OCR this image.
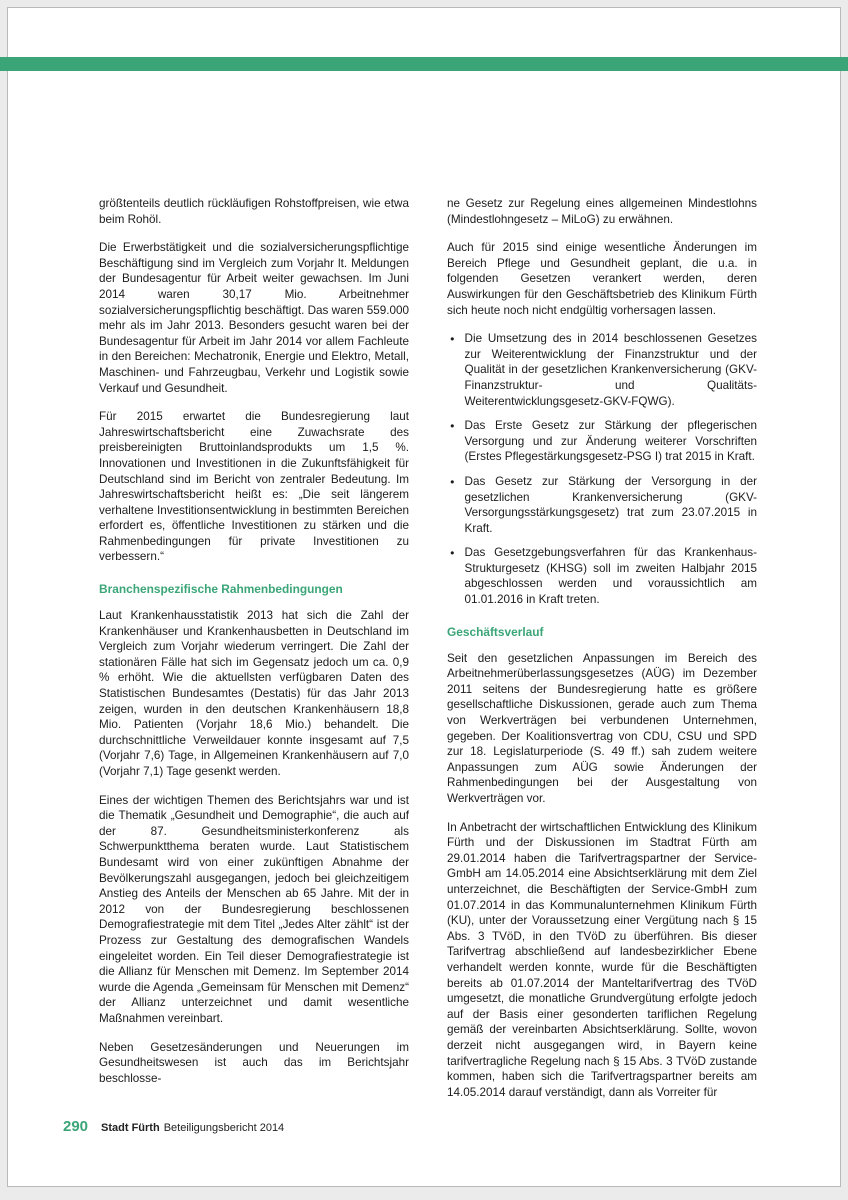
größtenteils deutlich rückläufigen Rohstoffpreisen, wie etwa beim Rohöl.

Die Erwerbstätigkeit und die sozialversicherungspflichtige Beschäftigung sind im Vergleich zum Vorjahr lt. Meldungen der Bundesagentur für Arbeit weiter gewachsen. Im Juni 2014 waren 30,17 Mio. Arbeitnehmer sozialversicherungspflichtig beschäftigt. Das waren 559.000 mehr als im Jahr 2013. Besonders gesucht waren bei der Bundesagentur für Arbeit im Jahr 2014 vor allem Fachleute in den Bereichen: Mechatronik, Energie und Elektro, Metall, Maschinen- und Fahrzeugbau, Verkehr und Logistik sowie Verkauf und Gesundheit.

Für 2015 erwartet die Bundesregierung laut Jahreswirtschaftsbericht eine Zuwachsrate des preisbereinigten Bruttoinlandsprodukts um 1,5 %. Innovationen und Investitionen in die Zukunftsfähigkeit für Deutschland sind im Bericht von zentraler Bedeutung. Im Jahreswirtschaftsbericht heißt es: „Die seit längerem verhaltene Investitionsentwicklung in bestimmten Bereichen erfordert es, öffentliche Investitionen zu stärken und die Rahmenbedingungen für private Investitionen zu verbessern.“

Branchenspezifische Rahmenbedingungen

Laut Krankenhausstatistik 2013 hat sich die Zahl der Krankenhäuser und Krankenhausbetten in Deutschland im Vergleich zum Vorjahr wiederum verringert. Die Zahl der stationären Fälle hat sich im Gegensatz jedoch um ca. 0,9 % erhöht. Wie die aktuellsten verfügbaren Daten des Statistischen Bundesamtes (Destatis) für das Jahr 2013 zeigen, wurden in den deutschen Krankenhäusern 18,8 Mio. Patienten (Vorjahr 18,6 Mio.) behandelt. Die durchschnittliche Verweildauer konnte insgesamt auf 7,5 (Vorjahr 7,6) Tage, in Allgemeinen Krankenhäusern auf 7,0 (Vorjahr 7,1) Tage gesenkt werden.

Eines der wichtigen Themen des Berichtsjahrs war und ist die Thematik „Gesundheit und Demographie“, die auch auf der 87. Gesundheitsministerkonferenz als Schwerpunktthema beraten wurde. Laut Statistischem Bundesamt wird von einer zukünftigen Abnahme der Bevölkerungszahl ausgegangen, jedoch bei gleichzeitigem Anstieg des Anteils der Menschen ab 65 Jahre. Mit der in 2012 von der Bundesregierung beschlossenen Demografiestrategie mit dem Titel „Jedes Alter zählt“ ist der Prozess zur Gestaltung des demografischen Wandels eingeleitet worden. Ein Teil dieser Demografiestrategie ist die Allianz für Menschen mit Demenz. Im September 2014 wurde die Agenda „Gemeinsam für Menschen mit Demenz“ der Allianz unterzeichnet und damit wesentliche Maßnahmen vereinbart.

Neben Gesetzesänderungen und Neuerungen im Gesundheitswesen ist auch das im Berichtsjahr beschlosse-

ne Gesetz zur Regelung eines allgemeinen Mindestlohns (Mindestlohngesetz – MiLoG) zu erwähnen.

Auch für 2015 sind einige wesentliche Änderungen im Bereich Pflege und Gesundheit geplant, die u.a. in folgenden Gesetzen verankert werden, deren Auswirkungen für den Geschäftsbetrieb des Klinikum Fürth sich heute noch nicht endgültig vorhersagen lassen.

● Die Umsetzung des in 2014 beschlossenen Gesetzes zur Weiterentwicklung der Finanzstruktur und der Qualität in der gesetzlichen Krankenversicherung (GKV-Finanzstruktur- und Qualitäts-Weiterentwicklungsgesetz-GKV-FQWG).
● Das Erste Gesetz zur Stärkung der pflegerischen Versorgung und zur Änderung weiterer Vorschriften (Erstes Pflegestärkungsgesetz-PSG I) trat 2015 in Kraft.
● Das Gesetz zur Stärkung der Versorgung in der gesetzlichen Krankenversicherung (GKV-Versorgungsstärkungsgesetz) trat zum 23.07.2015 in Kraft.
● Das Gesetzgebungsverfahren für das Krankenhaus-Strukturgesetz (KHSG) soll im zweiten Halbjahr 2015 abgeschlossen werden und voraussichtlich am 01.01.2016 in Kraft treten.
Geschäftsverlauf

Seit den gesetzlichen Anpassungen im Bereich des Arbeitnehmerüberlassungsgesetzes (AÜG) im Dezember 2011 seitens der Bundesregierung hatte es größere gesellschaftliche Diskussionen, gerade auch zum Thema von Werkverträgen bei verbundenen Unternehmen, gegeben. Der Koalitionsvertrag von CDU, CSU und SPD zur 18. Legislaturperiode (S. 49 ff.) sah zudem weitere Anpassungen zum AÜG sowie Änderungen der Rahmenbedingungen bei der Ausgestaltung von Werkverträgen vor.

In Anbetracht der wirtschaftlichen Entwicklung des Klinikum Fürth und der Diskussionen im Stadtrat Fürth am 29.01.2014 haben die Tarifvertragspartner der Service-GmbH am 14.05.2014 eine Absichtserklärung mit dem Ziel unterzeichnet, die Beschäftigten der Service-GmbH zum 01.07.2014 in das Kommunalunternehmen Klinikum Fürth (KU), unter der Voraussetzung einer Vergütung nach § 15 Abs. 3 TVöD, in den TVöD zu überführen. Bis dieser Tarifvertrag abschließend auf landesbezirklicher Ebene verhandelt werden konnte, wurde für die Beschäftigten bereits ab 01.07.2014 der Manteltarifvertrag des TVöD umgesetzt, die monatliche Grundvergütung erfolgte jedoch auf der Basis einer gesonderten tariflichen Regelung gemäß der vereinbarten Absichtserklärung. Sollte, wovon derzeit nicht ausgegangen wird, in Bayern keine tarifvertragliche Regelung nach § 15 Abs. 3 TVöD zustande kommen, haben sich die Tarifvertragspartner bereits am 14.05.2014 darauf verständigt, dann als Vorreiter für

290 Stadt Fürth Beteiligungsbericht 2014
